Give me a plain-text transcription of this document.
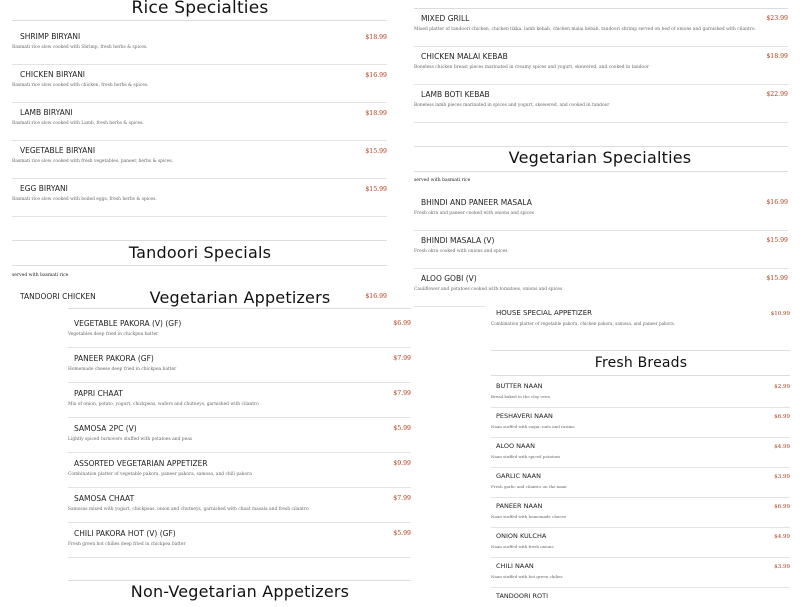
Rice Specialties
SHRIMP BIRYANI	$18.99
Basmati rice slow cooked with Shrimp, fresh herbs & spices.
CHICKEN BIRYANI	$16.99
Basmati rice slow cooked with chicken, fresh herbs & spices.
LAMB BIRYANI	$18.99
Basmati rice slow cooked with Lamb, fresh herbs & spices.
VEGETABLE BIRYANI	$15.99
Basmati rice slow cooked with fresh vegetables, paneer, herbs & spices.
EGG BIRYANI	$15.99
Basmati rice slow cooked with boiled eggs, fresh herbs & spices.
Tandoori Specials
served with basmati rice
TANDOORI CHICKEN	$16.99
MIXED GRILL	$23.99
Mixed platter of tandoori chicken, chicken tikka, lamb kebab, chicken malai kebab, tandoori shrimp served on bed of onions and garnished with cilantro.
CHICKEN MALAI KEBAB	$18.99
Boneless chicken breast pieces marinated in creamy spices and yogurt, skewered, and cooked in tandoor
LAMB BOTI KEBAB	$22.99
Boneless lamb pieces marinated in spices and yogurt, skewered, and cooked in tandoor
Vegetarian Specialties
served with basmati rice
BHINDI AND PANEER MASALA	$16.99
Fresh okra and paneer cooked with onions and spices
BHINDI MASALA (V)	$15.99
Fresh okra cooked with onions and spices
ALOO GOBI (V)	$15.99
Cauliflower and potatoes cooked with tomatoes, onions and spices
Vegetarian Appetizers
VEGETABLE PAKORA (V) (GF)	$6.99
Vegetables deep fried in chickpea batter
PANEER PAKORA (GF)	$7.99
Homemade cheese deep fried in chickpea batter
PAPRI CHAAT	$7.99
Mix of onion, potato, yogurt, chickpeas, wafers and chutneys, garnished with cilantro
SAMOSA 2PC (V)	$5.99
Lightly spiced turnovers stuffed with potatoes and peas
ASSORTED VEGETARIAN APPETIZER	$9.99
Combination platter of vegetable pakora, paneer pakora, samosa, and chili pakora
SAMOSA CHAAT	$7.99
Samosas mixed with yogurt, chickpeas, onion and chutneys, garnished with chaat masala and fresh cilantro
CHILI PAKORA HOT (V) (GF)	$5.99
Fresh green hot chilies deep fried in chickpea batter
Non-Vegetarian Appetizers
HOUSE SPECIAL APPETIZER	$10.99
Combination platter of vegetable pakora, chicken pakora, samosa, and paneer pakora.
Fresh Breads
BUTTER NAAN	$2.99
Bread baked in the clay oven
PESHAVERI NAAN	$6.99
Naan stuffed with sugar, nuts and raisins
ALOO NAAN	$4.99
Naan stuffed with spiced potatoes
GARLIC NAAN	$3.99
Fresh garlic and cilantro on the naan
PANEER NAAN	$6.99
Naan stuffed with homemade cheese
ONION KULCHA	$4.99
Naan stuffed with fresh onions
CHILI NAAN	$3.99
Naan stuffed with hot green chilies
TANDOORI ROTI
